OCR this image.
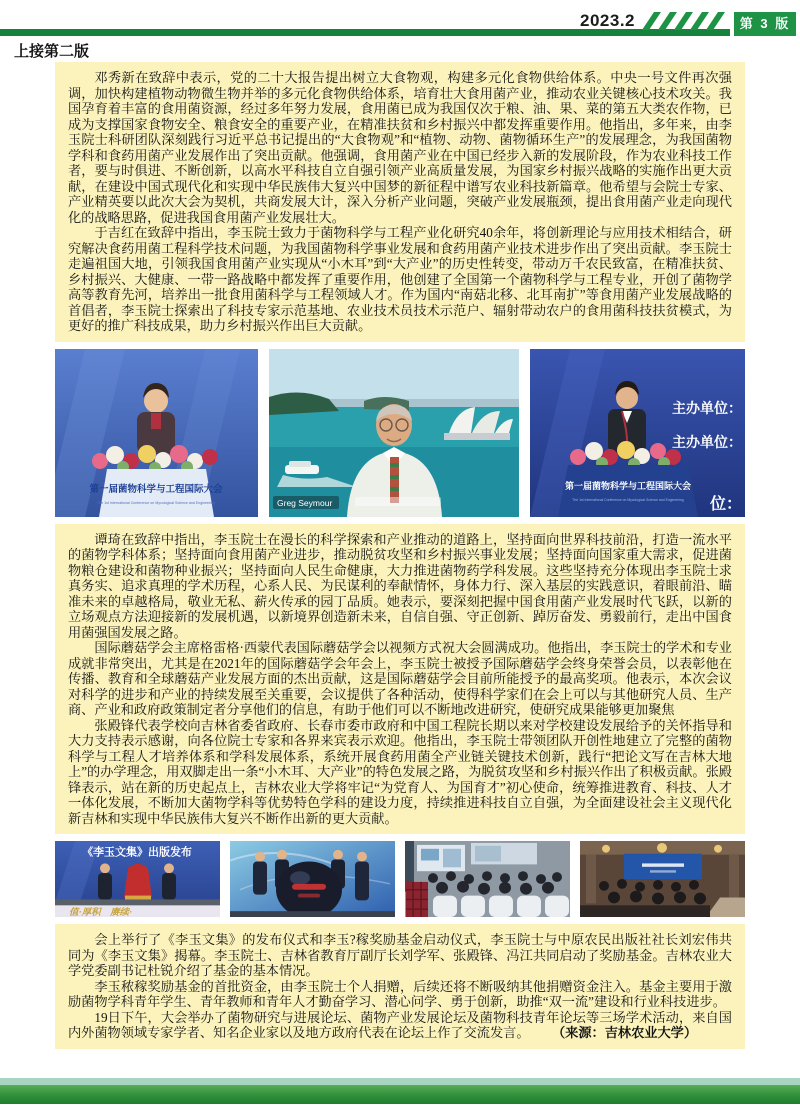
2023.2	第 3 版
上接第二版

邓秀新在致辞中表示，党的二十大报告提出树立大食物观，构建多元化食物供给体系。中央一号文件再次强调，加快构建植物动物微生物并举的多元化食物供给体系，培育壮大食用菌产业，推动农业关键核心技术攻关。我国孕育着丰富的食用菌资源，经过多年努力发展，食用菌已成为我国仅次于粮、油、果、菜的第五大类农作物，已成为支撑国家食物安全、粮食安全的重要产业，在精准扶贫和乡村振兴中都发挥重要作用。他指出，多年来，由李玉院士科研团队深刻践行习近平总书记提出的“大食物观”和“植物、动物、菌物循环生产”的发展理念，为我国菌物学科和食药用菌产业发展作出了突出贡献。他强调，食用菌产业在中国已经步入新的发展阶段，作为农业科技工作者，要与时俱进、不断创新，以高水平科技自立自强引领产业高质量发展，为国家乡村振兴战略的实施作出更大贡献，在建设中国式现代化和实现中华民族伟大复兴中国梦的新征程中谱写农业科技新篇章。他希望与会院士专家、产业精英要以此次大会为契机，共商发展大计，深入分析产业问题，突破产业发展瓶颈，提出食用菌产业走向现代化的战略思路，促进我国食用菌产业发展壮大。

于吉红在致辞中指出，李玉院士致力于菌物科学与工程产业化研究40余年，将创新理论与应用技术相结合，研究解决食药用菌工程科学技术问题，为我国菌物科学事业发展和食药用菌产业技术进步作出了突出贡献。李玉院士走遍祖国大地，引领我国食用菌产业实现从“小木耳”到“大产业”的历史性转变，带动万千农民致富，在精准扶贫、乡村振兴、大健康、一带一路战略中都发挥了重要作用，他创建了全国第一个菌物科学与工程专业，开创了菌物学高等教育先河，培养出一批食用菌科学与工程领域人才。作为国内“南菇北移、北耳南扩”等食用菌产业发展战略的首倡者，李玉院士探索出了科技专家示范基地、农业技术员技术示范户、辐射带动农户的食用菌科技扶贫模式，为更好的推广科技成果，助力乡村振兴作出巨大贡献。

第一届菌物科学与工程国际大会
The 1st International Conference on Mycological Science and Engineering	Greg Seymour
主办单位：
主办单位：
位：
第一届菌物科学与工程国际大会
The 1st International Conference on Mycological Science and Engineering

谭琦在致辞中指出，李玉院士在漫长的科学探索和产业推动的道路上，坚持面向世界科技前沿，打造一流水平的菌物学科体系；坚持面向食用菌产业进步，推动脱贫攻坚和乡村振兴事业发展；坚持面向国家重大需求，促进菌物粮仓建设和菌物种业振兴；坚持面向人民生命健康，大力推进菌物药学科发展。这些坚持充分体现出李玉院士求真务实、追求真理的学术历程，心系人民、为民谋利的奉献情怀，身体力行、深入基层的实践意识，着眼前沿、瞄准未来的卓越格局，敬业无私、薪火传承的园丁品质。她表示，要深刻把握中国食用菌产业发展时代飞跃，以新的立场观点方法迎接新的发展机遇，以新境界创造新未来，自信自强、守正创新、踔厉奋发、勇毅前行，走出中国食用菌强国发展之路。

国际蘑菇学会主席格雷格·西蒙代表国际蘑菇学会以视频方式祝大会圆满成功。他指出，李玉院士的学术和专业成就非常突出，尤其是在2021年的国际蘑菇学会年会上，李玉院士被授予国际蘑菇学会终身荣誉会员，以表彰他在传播、教育和全球蘑菇产业发展方面的杰出贡献，这是国际蘑菇学会目前所能授予的最高奖项。他表示，本次会议对科学的进步和产业的持续发展至关重要，会议提供了各种活动，使得科学家们在会上可以与其他研究人员、生产商、产业和政府政策制定者分享他们的信息，有助于他们可以不断地改进研究，使研究成果能够更加聚焦

张殿锋代表学校向吉林省委省政府、长春市委市政府和中国工程院长期以来对学校建设发展给予的关怀指导和大力支持表示感谢，向各位院士专家和各界来宾表示欢迎。他指出，李玉院士带领团队开创性地建立了完整的菌物科学与工程人才培养体系和学科发展体系，系统开展食药用菌全产业链关键技术创新，践行“把论文写在吉林大地上”的办学理念，用双脚走出一条“小木耳、大产业”的特色发展之路，为脱贫攻坚和乡村振兴作出了积极贡献。张殿锋表示，站在新的历史起点上，吉林农业大学将牢记“为党育人、为国育才”初心使命，统筹推进教育、科技、人才一体化发展，不断加大菌物学科等优势特色学科的建设力度，持续推进科技自立自强，为全面建设社会主义现代化新吉林和实现中华民族伟大复兴不断作出新的更大贡献。

《李玉文集》出版发布
值·厚积　赓续·

会上举行了《李玉文集》的发布仪式和李玉?稼奖励基金启动仪式，李玉院士与中原农民出版社社长刘宏伟共同为《李玉文集》揭幕。李玉院士、吉林省教育厅副厅长刘学军、张殿锋、冯江共同启动了奖励基金。吉林农业大学党委副书记杜锐介绍了基金的基本情况。

李玉秾稼奖励基金的首批资金，由李玉院士个人捐赠，后续还将不断吸纳其他捐赠资金注入。基金主要用于激励菌物学科青年学生、青年教师和青年人才勤奋学习、潜心问学、勇于创新，助推“双一流”建设和行业科技进步。

19日下午，大会举办了菌物研究与进展论坛、菌物产业发展论坛及菌物科技青年论坛等三场学术活动，来自国内外菌物领域专家学者、知名企业家以及地方政府代表在论坛上作了交流发言。 （来源：吉林农业大学）
